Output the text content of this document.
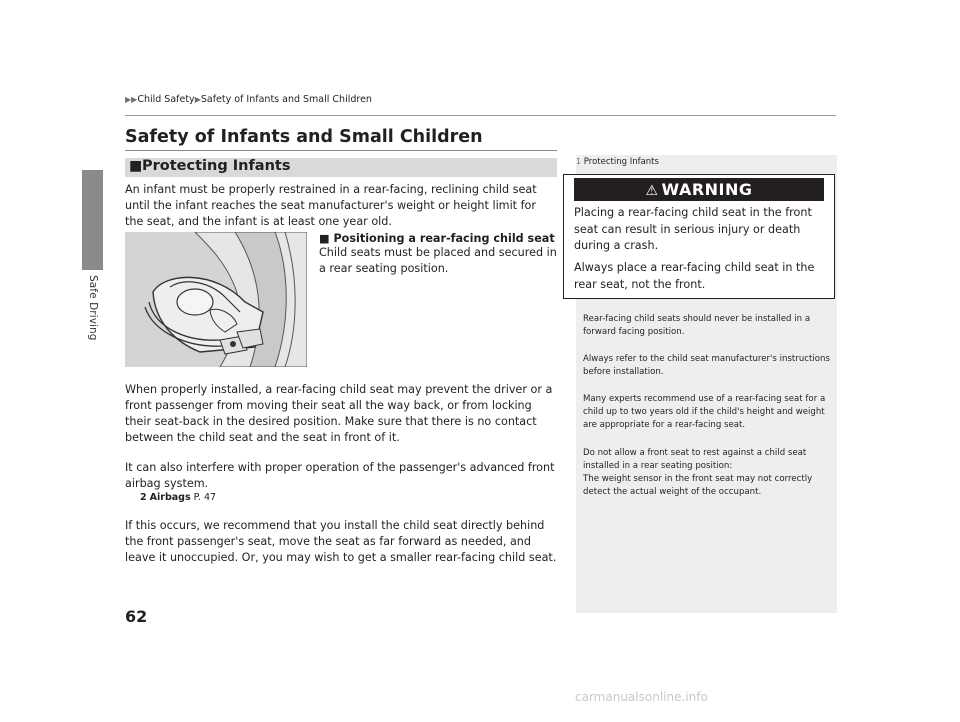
Safe Driving
▶▶Child Safety▶Safety of Infants and Small Children
Safety of Infants and Small Children
■ Protecting Infants
An infant must be properly restrained in a rear-facing, reclining child seat until the infant reaches the seat manufacturer's weight or height limit for the seat, and the infant is at least one year old.
■ Positioning a rear-facing child seat
Child seats must be placed and secured in a rear seating position.
When properly installed, a rear-facing child seat may prevent the driver or a front passenger from moving their seat all the way back, or from locking their seat-back in the desired position. Make sure that there is no contact between the child seat and the seat in front of it.
It can also interfere with proper operation of the passenger's advanced front airbag system.
2 Airbags P. 47
If this occurs, we recommend that you install the child seat directly behind the front passenger's seat, move the seat as far forward as needed, and leave it unoccupied. Or, you may wish to get a smaller rear-facing child seat.
62
1 Protecting Infants
⚠ WARNING
Placing a rear-facing child seat in the front seat can result in serious injury or death during a crash.
Always place a rear-facing child seat in the rear seat, not the front.
Rear-facing child seats should never be installed in a forward facing position.
Always refer to the child seat manufacturer's instructions before installation.
Many experts recommend use of a rear-facing seat for a child up to two years old if the child's height and weight are appropriate for a rear-facing seat.
Do not allow a front seat to rest against a child seat installed in a rear seating position:
The weight sensor in the front seat may not correctly detect the actual weight of the occupant.
carmanualsonline.info
